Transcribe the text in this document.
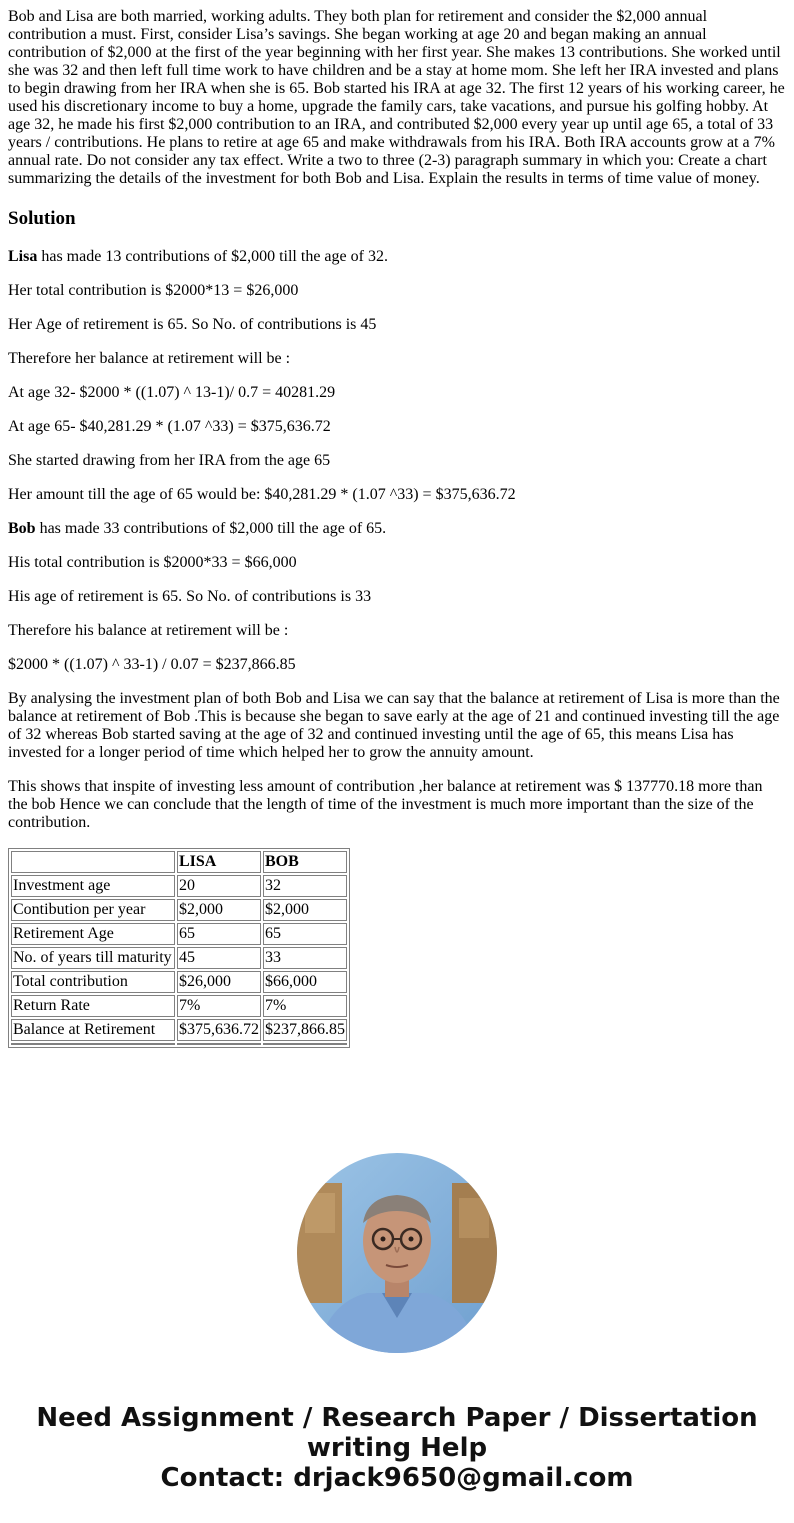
Bob and Lisa are both married, working adults. They both plan for retirement and consider the $2,000 annual contribution a must. First, consider Lisa’s savings. She began working at age 20 and began making an annual contribution of $2,000 at the first of the year beginning with her first year. She makes 13 contributions. She worked until she was 32 and then left full time work to have children and be a stay at home mom. She left her IRA invested and plans to begin drawing from her IRA when she is 65. Bob started his IRA at age 32. The first 12 years of his working career, he used his discretionary income to buy a home, upgrade the family cars, take vacations, and pursue his golfing hobby. At age 32, he made his first $2,000 contribution to an IRA, and contributed $2,000 every year up until age 65, a total of 33 years / contributions. He plans to retire at age 65 and make withdrawals from his IRA. Both IRA accounts grow at a 7% annual rate. Do not consider any tax effect. Write a two to three (2-3) paragraph summary in which you: Create a chart summarizing the details of the investment for both Bob and Lisa. Explain the results in terms of time value of money.

Solution

Lisa has made 13 contributions of $2,000 till the age of 32.

Her total contribution is $2000*13 = $26,000

Her Age of retirement is 65. So No. of contributions is 45

Therefore her balance at retirement will be :

At age 32- $2000 * ((1.07) ^ 13-1)/ 0.7 = 40281.29

At age 65- $40,281.29 * (1.07 ^33) = $375,636.72

She started drawing from her IRA from the age 65

Her amount till the age of 65 would be: $40,281.29 * (1.07 ^33) = $375,636.72

Bob has made 33 contributions of $2,000 till the age of 65.

His total contribution is $2000*33 = $66,000

His age of retirement is 65. So No. of contributions is 33

Therefore his balance at retirement will be :

$2000 * ((1.07) ^ 33-1) / 0.07 = $237,866.85

By analysing the investment plan of both Bob and Lisa we can say that the balance at retirement of Lisa is more than the balance at retirement of Bob .This is because she began to save early at the age of 21 and continued investing till the age of 32 whereas Bob started saving at the age of 32 and continued investing until the age of 65, this means Lisa has invested for a longer period of time which helped her to grow the annuity amount.

This shows that inspite of investing less amount of contribution ,her balance at retirement was $ 137770.18 more than the bob Hence we can conclude that the length of time of the investment is much more important than the size of the contribution.

	LISA	BOB
Investment age	20	32
Contibution per year	$2,000	$2,000
Retirement Age	65	65
No. of years till maturity	45	33
Total contribution	$26,000	$66,000
Return Rate	7%	7%
Balance at Retirement	$375,636.72	$237,866.85

Need Assignment / Research Paper / Dissertation
writing Help
Contact: drjack9650@gmail.com
